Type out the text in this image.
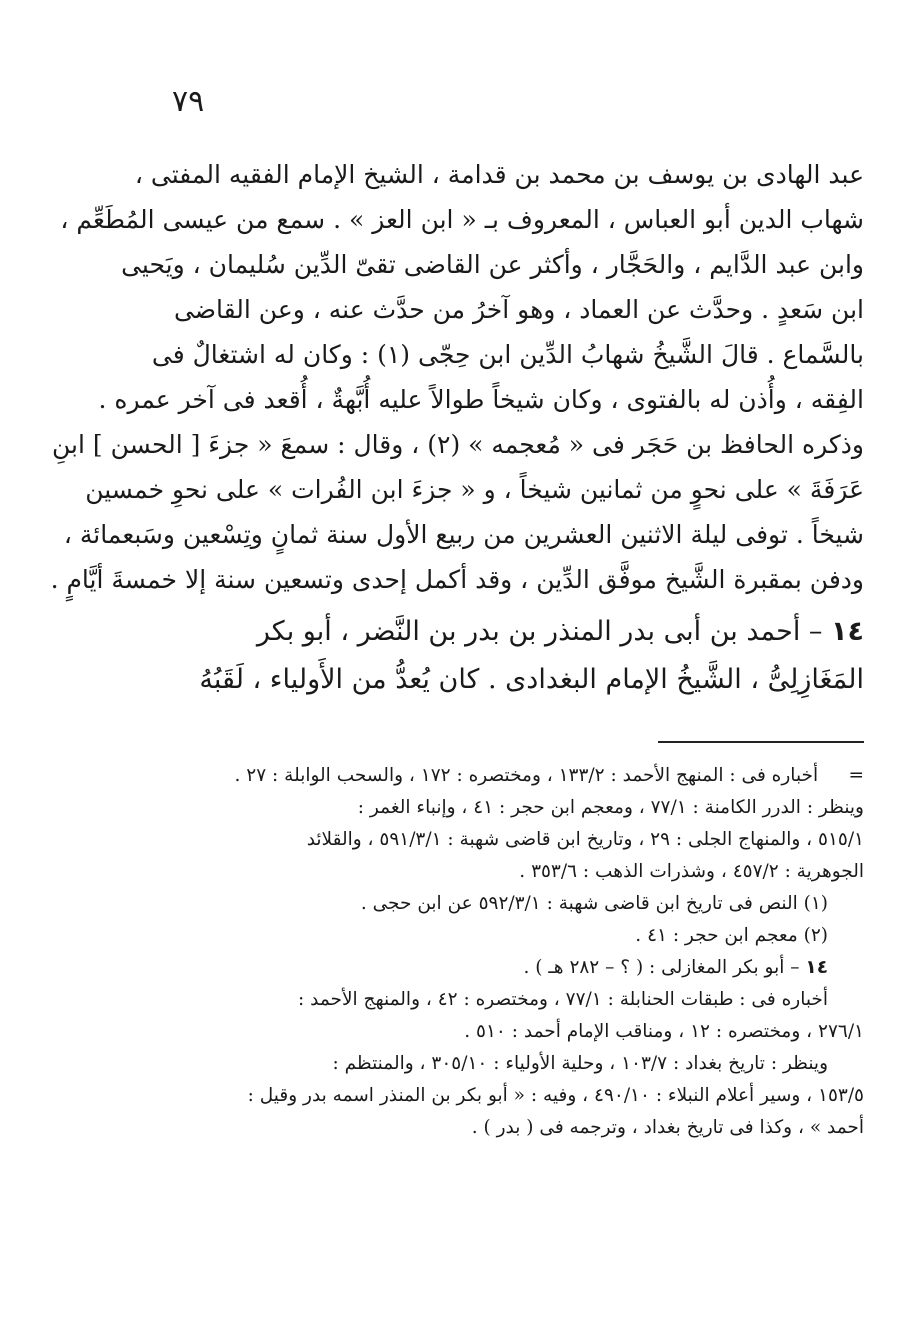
٧٩
عبد الهادى بن يوسف بن محمد بن قدامة ، الشيخ الإمام الفقيه المفتى ،
شهاب الدين أبو العباس ، المعروف بـ « ابن العز » . سمع من عيسى المُطَعِّم ،
وابن عبد الدَّايم ، والحَجَّار ، وأكثر عن القاضى تقىّ الدِّين سُليمان ، ويَحيى
ابن سَعدٍ . وحدَّث عن العماد ، وهو آخرُ من حدَّث عنه ، وعن القاضى
بالسَّماع . قالَ الشَّيخُ شهابُ الدِّين ابن حِجّى (١) : وكان له اشتغالٌ فى
الفِقه ، وأُذن له بالفتوى ، وكان شيخاً طوالاً عليه أُبَّهةٌ ، أُقعد فى آخر عمره .
وذكره الحافظ بن حَجَر فى « مُعجمه » (٢) ، وقال : سمعَ « جزءَ [ الحسن ] ابنِ
عَرَفَةَ » على نحوٍ من ثمانين شيخاً ، و « جزءَ ابن الفُرات » على نحوِ خمسين
شيخاً . توفى ليلة الاثنين العشرين من ربيع الأول سنة ثمانٍ وتِسْعين وسَبعمائة ،
ودفن بمقبرة الشَّيخ موفَّق الدِّين ، وقد أكمل إحدى وتسعين سنة إلا خمسةَ أيَّامٍ .
١٤ – أحمد بن أبى بدر المنذر بن بدر بن النَّضر ، أبو بكر
المَغَازِلِىُّ ، الشَّيخُ الإمام البغدادى . كان يُعدُّ من الأَولياء ، لَقَبُهُ
= أخباره فى : المنهج الأحمد : ١٣٣/٢ ، ومختصره : ١٧٢ ، والسحب الوابلة : ٢٧ .
وينظر : الدرر الكامنة : ٧٧/١ ، ومعجم ابن حجر : ٤١ ، وإنباء الغمر :
٥١٥/١ ، والمنهاج الجلى : ٢٩ ، وتاريخ ابن قاضى شهبة : ٥٩١/٣/١ ، والقلائد
الجوهرية : ٤٥٧/٢ ، وشذرات الذهب : ٣٥٣/٦ .
(١) النص فى تاريخ ابن قاضى شهبة : ٥٩٢/٣/١ عن ابن حجى .
(٢) معجم ابن حجر : ٤١ .
١٤ – أبو بكر المغازلى : ( ؟ – ٢٨٢ هـ ) .
أخباره فى : طبقات الحنابلة : ٧٧/١ ، ومختصره : ٤٢ ، والمنهج الأحمد :
٢٧٦/١ ، ومختصره : ١٢ ، ومناقب الإمام أحمد : ٥١٠ .
وينظر : تاريخ بغداد : ١٠٣/٧ ، وحلية الأولياء : ٣٠٥/١٠ ، والمنتظم :
١٥٣/٥ ، وسير أعلام النبلاء : ٤٩٠/١٠ ، وفيه : « أبو بكر بن المنذر اسمه بدر وقيل :
أحمد » ، وكذا فى تاريخ بغداد ، وترجمه فى ( بدر ) .
